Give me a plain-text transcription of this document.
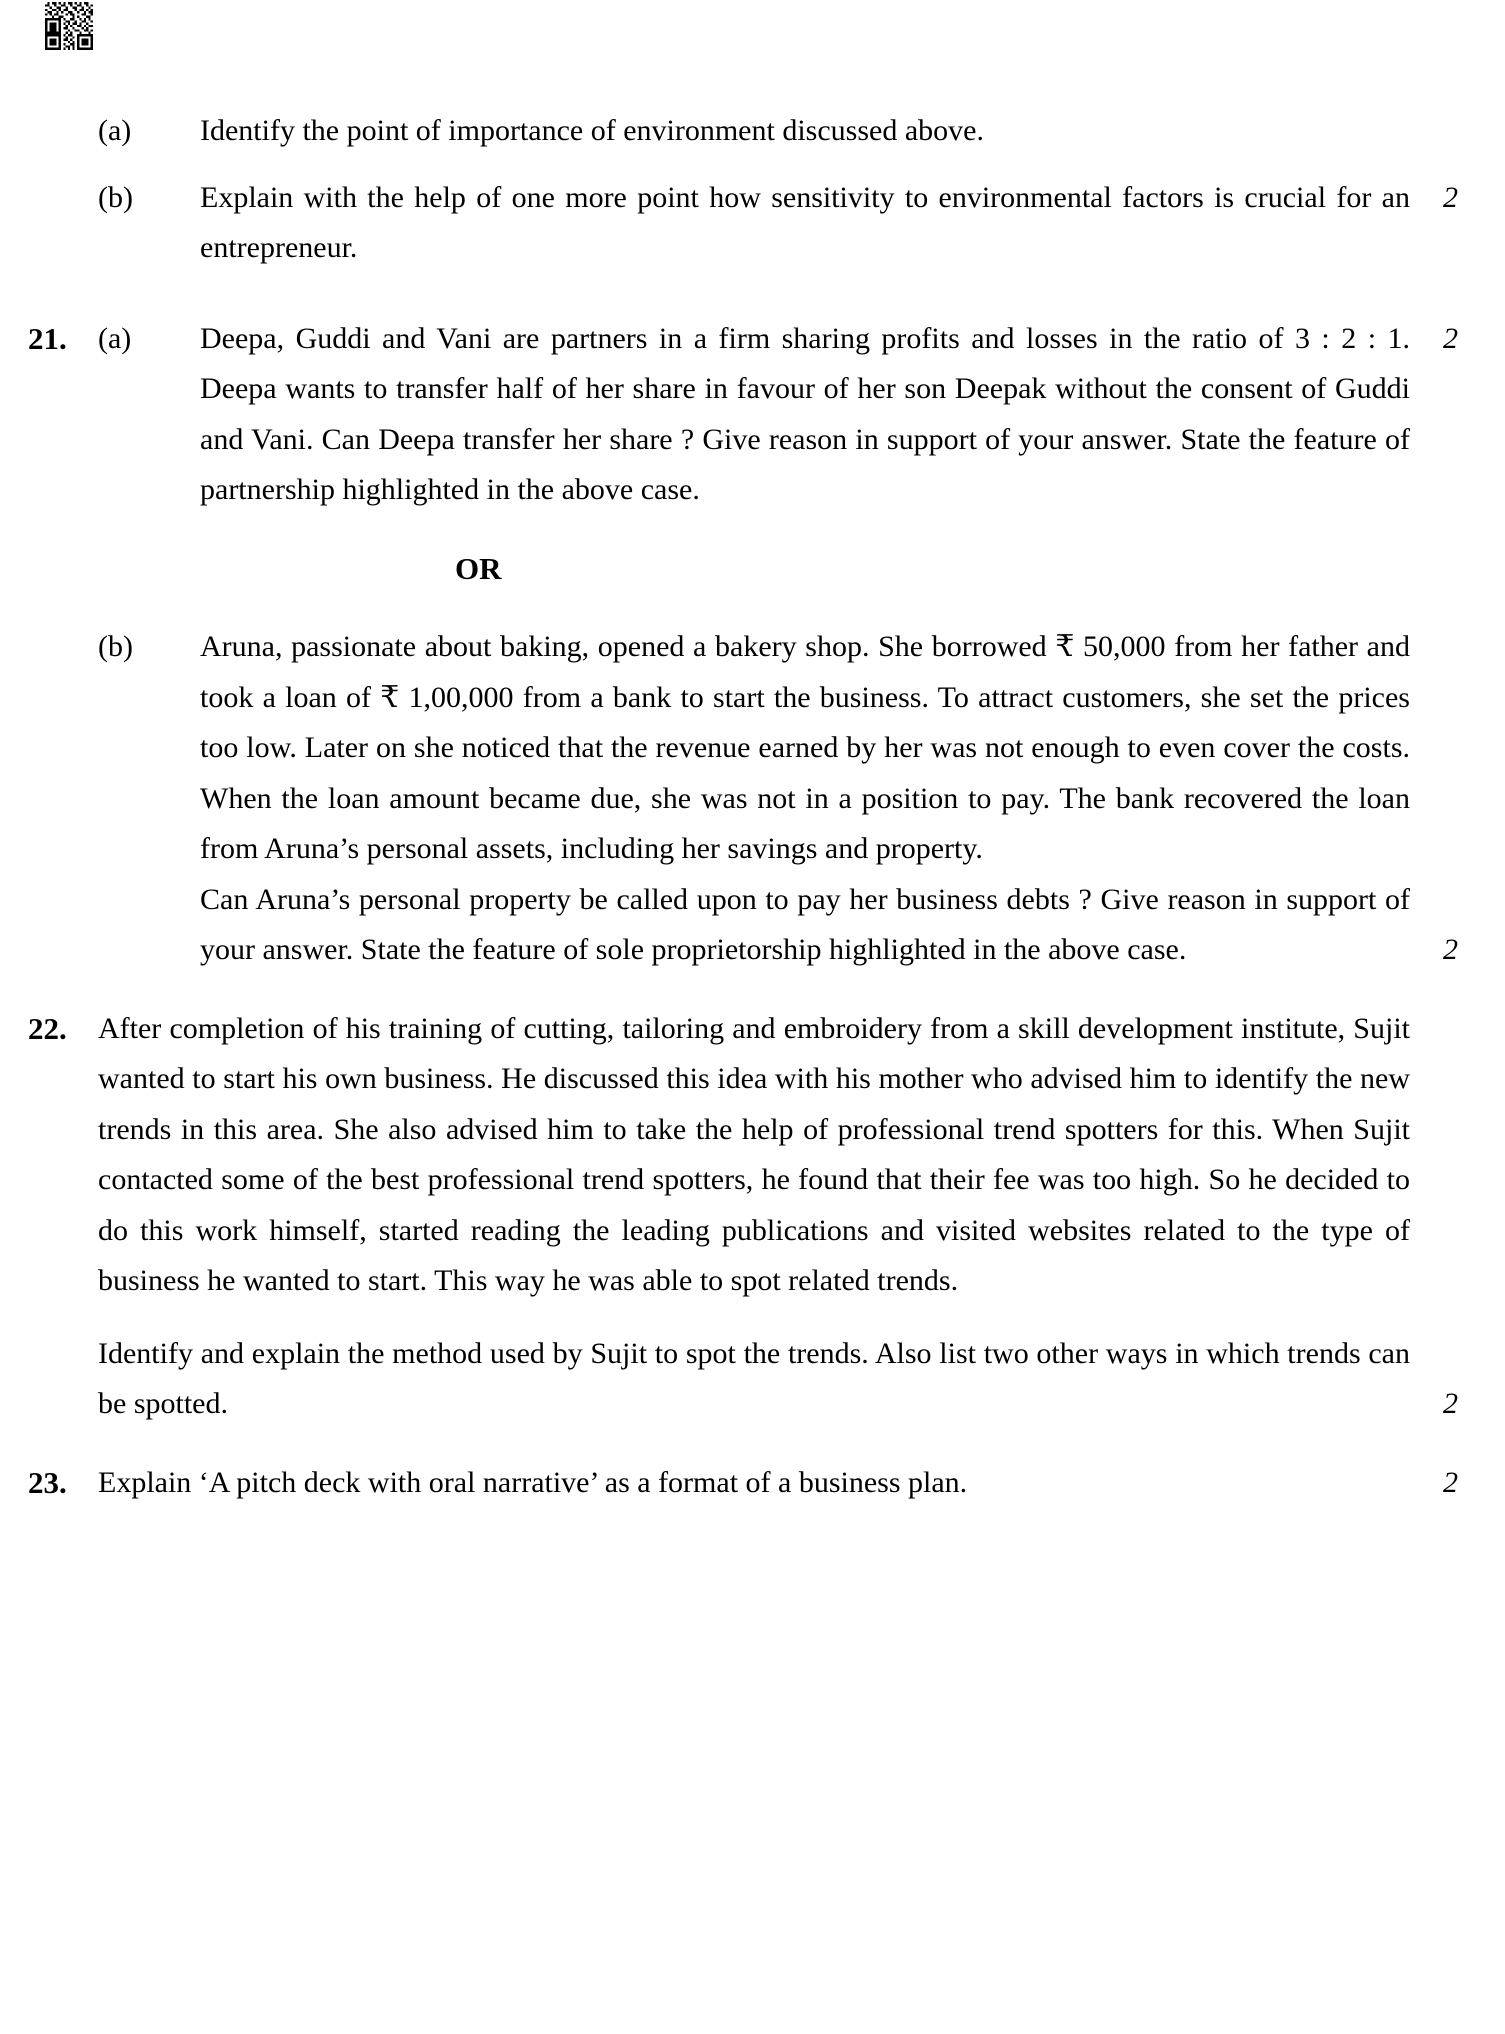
(a)	Identify the point of importance of environment discussed above.
(b)	Explain with the help of one more point how sensitivity to environmental factors is crucial for an entrepreneur.
2
21.	(a)	Deepa, Guddi and Vani are partners in a firm sharing profits and losses in the ratio of 3 : 2 : 1. Deepa wants to transfer half of her share in favour of her son Deepak without the consent of Guddi and Vani. Can Deepa transfer her share ? Give reason in support of your answer. State the feature of partnership highlighted in the above case.
2
OR
(b)	Aruna, passionate about baking, opened a bakery shop. She borrowed ₹ 50,000 from her father and took a loan of ₹ 1,00,000 from a bank to start the business. To attract customers, she set the prices too low. Later on she noticed that the revenue earned by her was not enough to even cover the costs. When the loan amount became due, she was not in a position to pay. The bank recovered the loan from Aruna’s personal assets, including her savings and property.

Can Aruna’s personal property be called upon to pay her business debts ? Give reason in support of your answer. State the feature of sole proprietorship highlighted in the above case.	2
22.	After completion of his training of cutting, tailoring and embroidery from a skill development institute, Sujit wanted to start his own business. He discussed this idea with his mother who advised him to identify the new trends in this area. She also advised him to take the help of professional trend spotters for this. When Sujit contacted some of the best professional trend spotters, he found that their fee was too high. So he decided to do this work himself, started reading the leading publications and visited websites related to the type of business he wanted to start. This way he was able to spot related trends.

Identify and explain the method used by Sujit to spot the trends. Also list two other ways in which trends can be spotted.	2
23.	Explain ‘A pitch deck with oral narrative’ as a format of a business plan.	2
